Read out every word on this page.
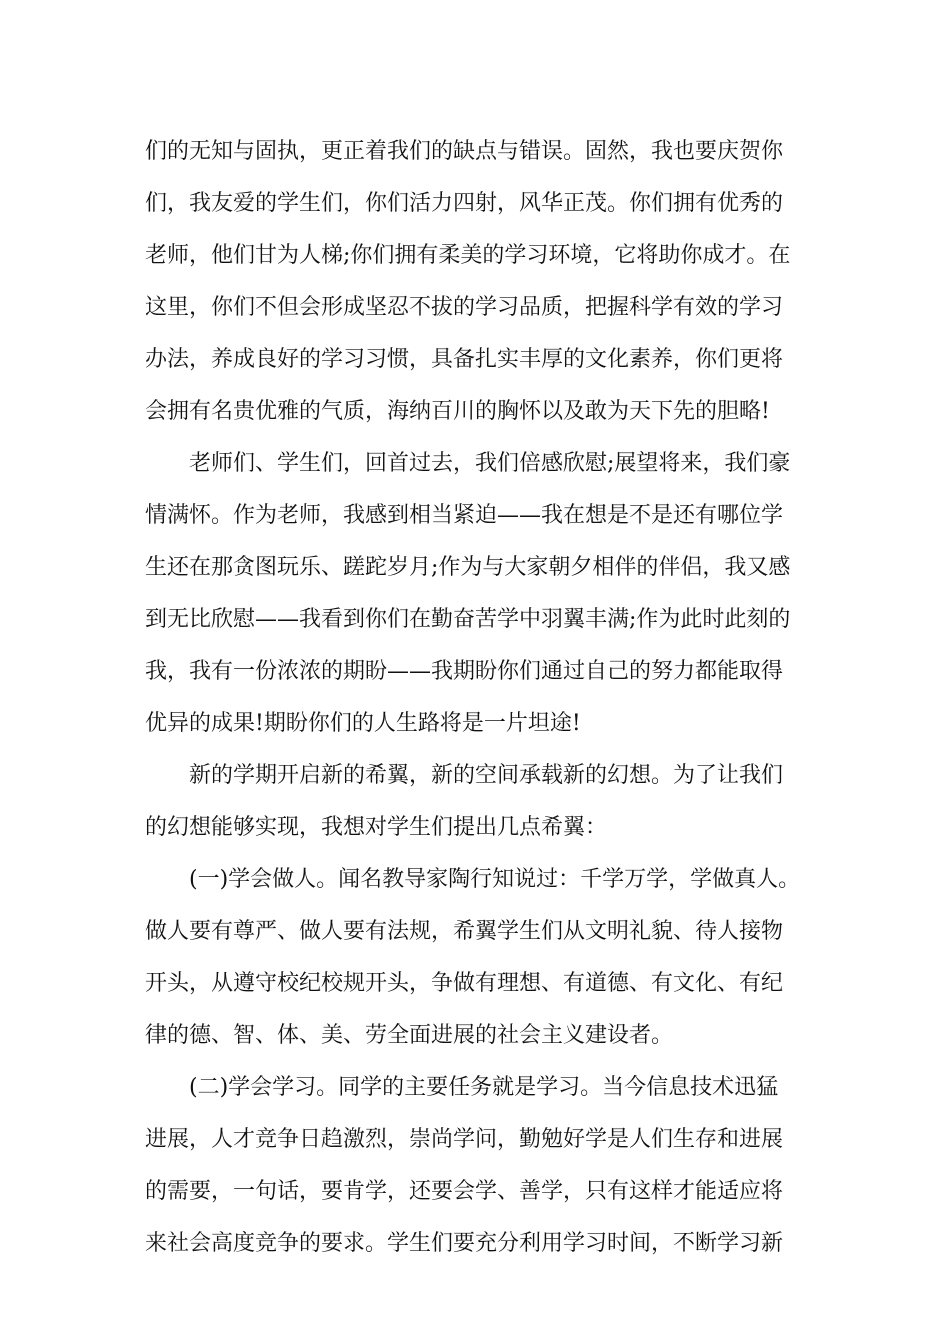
们的无知与固执，更正着我们的缺点与错误。固然，我也要庆贺你
们，我友爱的学生们，你们活力四射，风华正茂。你们拥有优秀的
老师，他们甘为人梯;你们拥有柔美的学习环境，它将助你成才。在
这里，你们不但会形成坚忍不拔的学习品质，把握科学有效的学习
办法，养成良好的学习习惯，具备扎实丰厚的文化素养，你们更将
会拥有名贵优雅的气质，海纳百川的胸怀以及敢为天下先的胆略!
老师们、学生们，回首过去，我们倍感欣慰;展望将来，我们豪
情满怀。作为老师，我感到相当紧迫——我在想是不是还有哪位学
生还在那贪图玩乐、蹉跎岁月;作为与大家朝夕相伴的伴侣，我又感
到无比欣慰——我看到你们在勤奋苦学中羽翼丰满;作为此时此刻的
我，我有一份浓浓的期盼——我期盼你们通过自己的努力都能取得
优异的成果!期盼你们的人生路将是一片坦途!
新的学期开启新的希翼，新的空间承载新的幻想。为了让我们
的幻想能够实现，我想对学生们提出几点希翼：
(一)学会做人。闻名教导家陶行知说过：千学万学，学做真人。
做人要有尊严、做人要有法规，希翼学生们从文明礼貌、待人接物
开头，从遵守校纪校规开头，争做有理想、有道德、有文化、有纪
律的德、智、体、美、劳全面进展的社会主义建设者。
(二)学会学习。同学的主要任务就是学习。当今信息技术迅猛
进展，人才竞争日趋激烈，崇尚学问，勤勉好学是人们生存和进展
的需要，一句话，要肯学，还要会学、善学，只有这样才能适应将
来社会高度竞争的要求。学生们要充分利用学习时间，不断学习新
